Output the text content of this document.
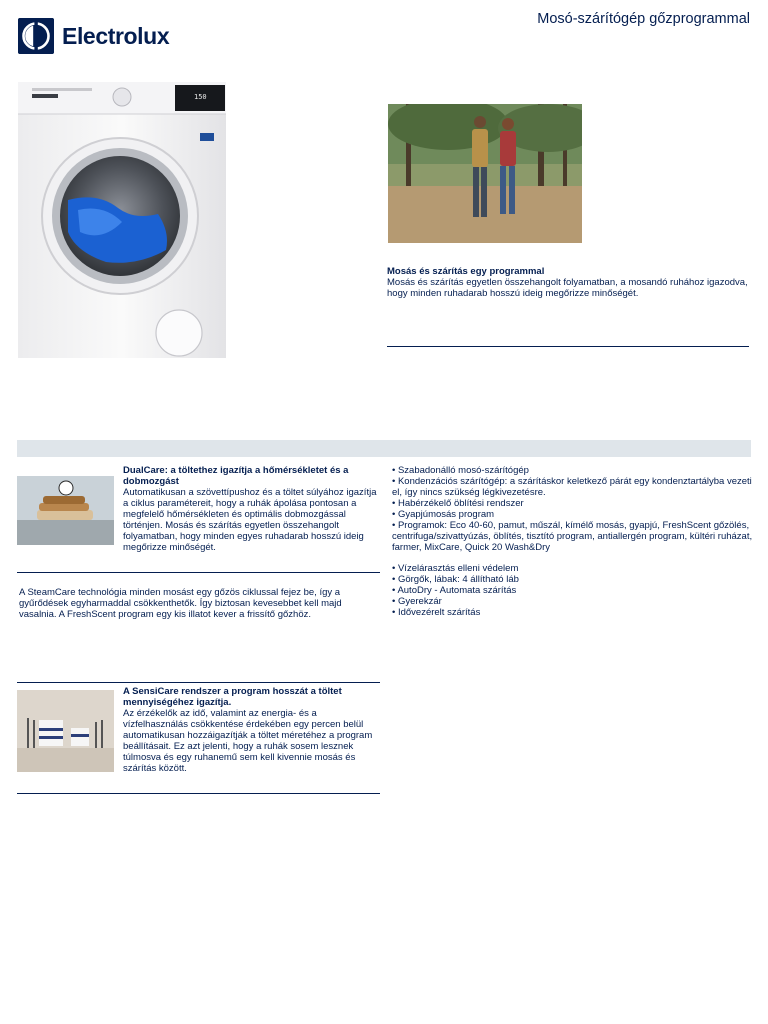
Electrolux
Mosó-szárítógép gőzprogrammal
150
Mosás és szárítás egy programmal
Mosás és szárítás egyetlen összehangolt folyamatban, a mosandó ruhához igazodva, hogy minden ruhadarab hosszú ideig megőrizze minőségét.
DualCare: a töltethez igazítja a hőmérsékletet és a dobmozgást
Automatikusan a szövettípushoz és a töltet súlyához igazítja a ciklus paramétereit, hogy a ruhák ápolása pontosan a megfelelő hőmérsékleten és optimális dobmozgással történjen. Mosás és szárítás egyetlen összehangolt folyamatban, hogy minden egyes ruhadarab hosszú ideig megőrizze minőségét.
A SteamCare technológia minden mosást egy gőzös ciklussal fejez be, így a gyűrődések egyharmaddal csökkenthetők. Így biztosan kevesebbet kell majd vasalnia. A FreshScent program egy kis illatot kever a frissítő gőzhöz.
A SensiCare rendszer a program hosszát a töltet mennyiségéhez igazítja.
Az érzékelők az idő, valamint az energia- és a vízfelhasználás csökkentése érdekében egy percen belül automatikusan hozzáigazítják a töltet méretéhez a program beállításait. Ez azt jelenti, hogy a ruhák sosem lesznek túlmosva és egy ruhanemű sem kell kivennie mosás és szárítás között.
• Szabadonálló mosó-szárítógép
• Kondenzációs szárítógép: a szárításkor keletkező párát egy kondenztartályba vezeti el, így nincs szükség légkivezetésre.
• Habérzékelő öblítési rendszer
• Gyapjúmosás program
• Programok: Eco 40-60, pamut, műszál, kímélő mosás, gyapjú, FreshScent gőzölés, centrifuga/szivattyúzás, öblítés, tisztító program, antiallergén program, kültéri ruházat, farmer, MixCare, Quick 20 Wash&Dry
• Vízelárasztás elleni védelem
• Görgők, lábak: 4 állítható láb
• AutoDry - Automata szárítás
• Gyerekzár
• Idővezérelt szárítás
